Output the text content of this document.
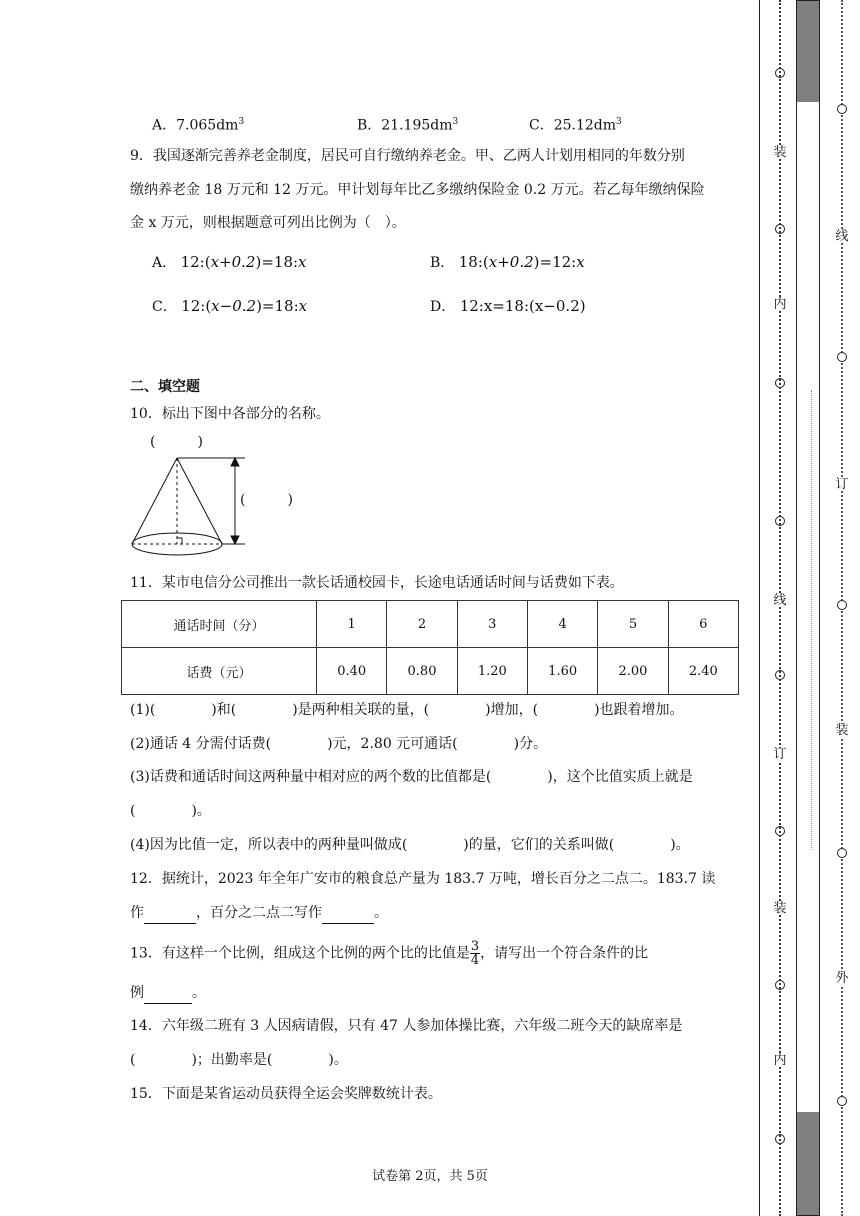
A．$7.065dm^3$	B．$21.195dm^3$	C．$25.12dm^3$
9．我国逐渐完善养老金制度，居民可自行缴纳养老金。甲、乙两人计划用相同的年数分别
缴纳养老金 18 万元和 12 万元。甲计划每年比乙多缴纳保险金 0.2 万元。若乙每年缴纳保险
金 x 万元，则根据题意可列出比例为（　）。
A． 12:(x+0.2)=18:x	B． 18:(x+0.2)=12:x
C． 12:(x−0.2)=18:x	D． 12:x=18:(x−0.2)
二、填空题
10．标出下图中各部分的名称。
(　　　)
(　　　)
11．某市电信分公司推出一款长话通校园卡，长途电话通话时间与话费如下表。
通话时间（分）	1	2	3	4	5	6
话费（元）	0.40	0.80	1.20	1.60	2.00	2.40
(1)(　　　　)和(　　　　)是两种相关联的量，(　　　　)增加，(　　　　)也跟着增加。
(2)通话 4 分需付话费(　　　　)元，2.80 元可通话(　　　　)分。
(3)话费和通话时间这两种量中相对应的两个数的比值都是(　　　　)，这个比值实质上就是
(　　　　)。
(4)因为比值一定，所以表中的两种量叫做成(　　　　)的量，它们的关系叫做(　　　　)。
12．据统计，2023 年全年广安市的粮食总产量为 183.7 万吨，增长百分之二点二。183.7 读
作	，百分之二点二写作	。
13．有这样一个比例，组成这个比例的两个比的比值是 $\frac{3}{4}$ ，请写出一个符合条件的比
例	。
14．六年级二班有 3 人因病请假，只有 47 人参加体操比赛，六年级二班今天的缺席率是
(　　　　)；出勤率是(　　　　)。
15．下面是某省运动员获得全运会奖牌数统计表。
试卷第 2页，共 5页
装
内
线
订
装
内
线
订
装
外
